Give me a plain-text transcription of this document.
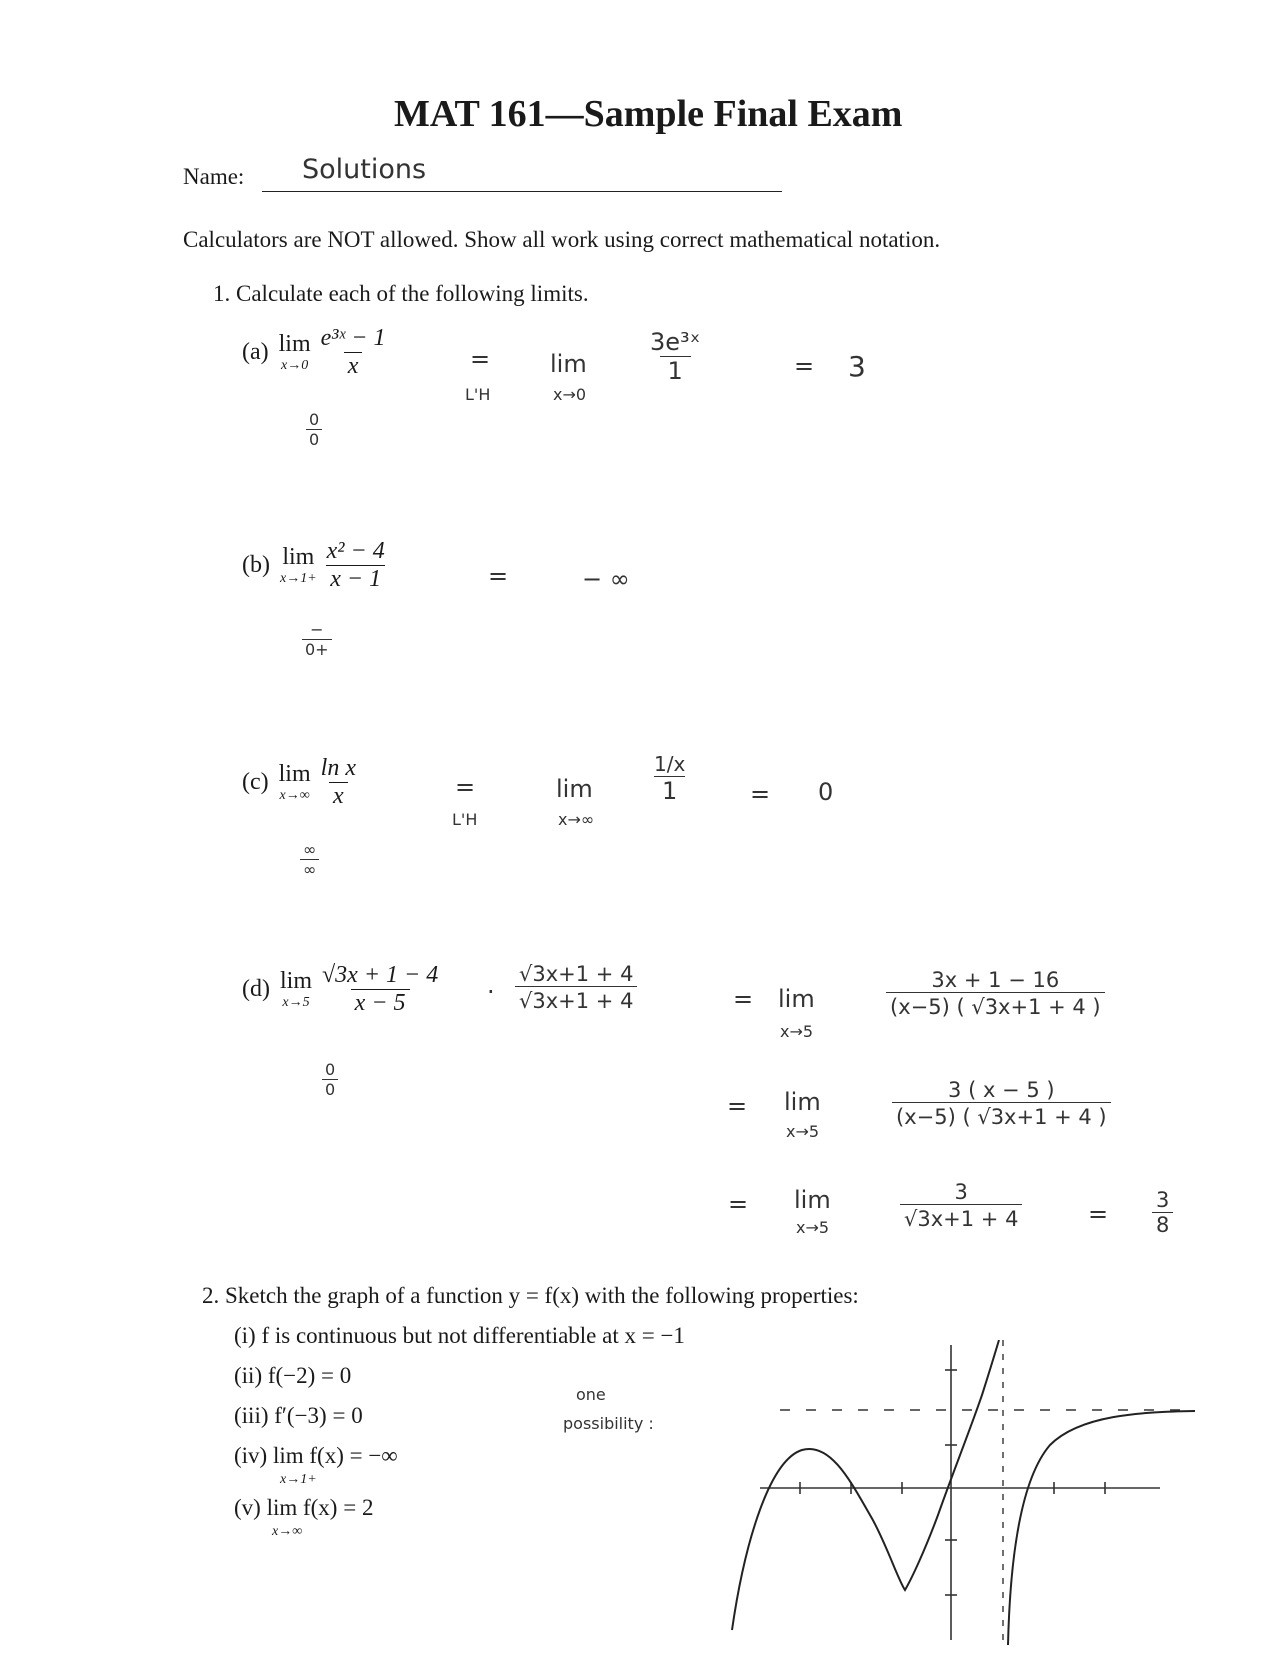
MAT 161—Sample Final Exam
Name: Solutions
Calculators are NOT allowed. Show all work using correct mathematical notation.
1. Calculate each of the following limits.
(a) lim
$x\to 0 \frac{\text{e³ˣ − 1}}{x}$
0
0
=
L'H
lim
x→0
3e³ˣ
1	= 3
(b) lim
$x\to 1+ \frac{\text{x² − 4}}{x - 1}$
−
0+
=	− ∞
(c) lim
$x\to\infty \frac{\text{ln x}}{x}$
∞
∞
=
L'H
lim
x→∞
1/x
1	= 0
(d) lim
$x\to 5 \frac{√3x + 1 - 4}{x - 5}$
0
0
·
√3x+1 + 4
√3x+1 + 4	= lim
x→5
3x + 1 − 16
(x−5) ( √3x+1 + 4 )
= lim
x→5
3 ( x − 5 )
(x−5) ( √3x+1 + 4 )
= lim
x→5
3
√3x+1 + 4	= 3
8
2. Sketch the graph of a function y = f(x) with the following properties:
(i) f is continuous but not differentiable at x = −1
(ii) f(−2) = 0
(iii) f′(−3) = 0
(iv) lim f(x) = −∞
x→1+
(v) lim f(x) = 2
x→∞
one
possibility :
